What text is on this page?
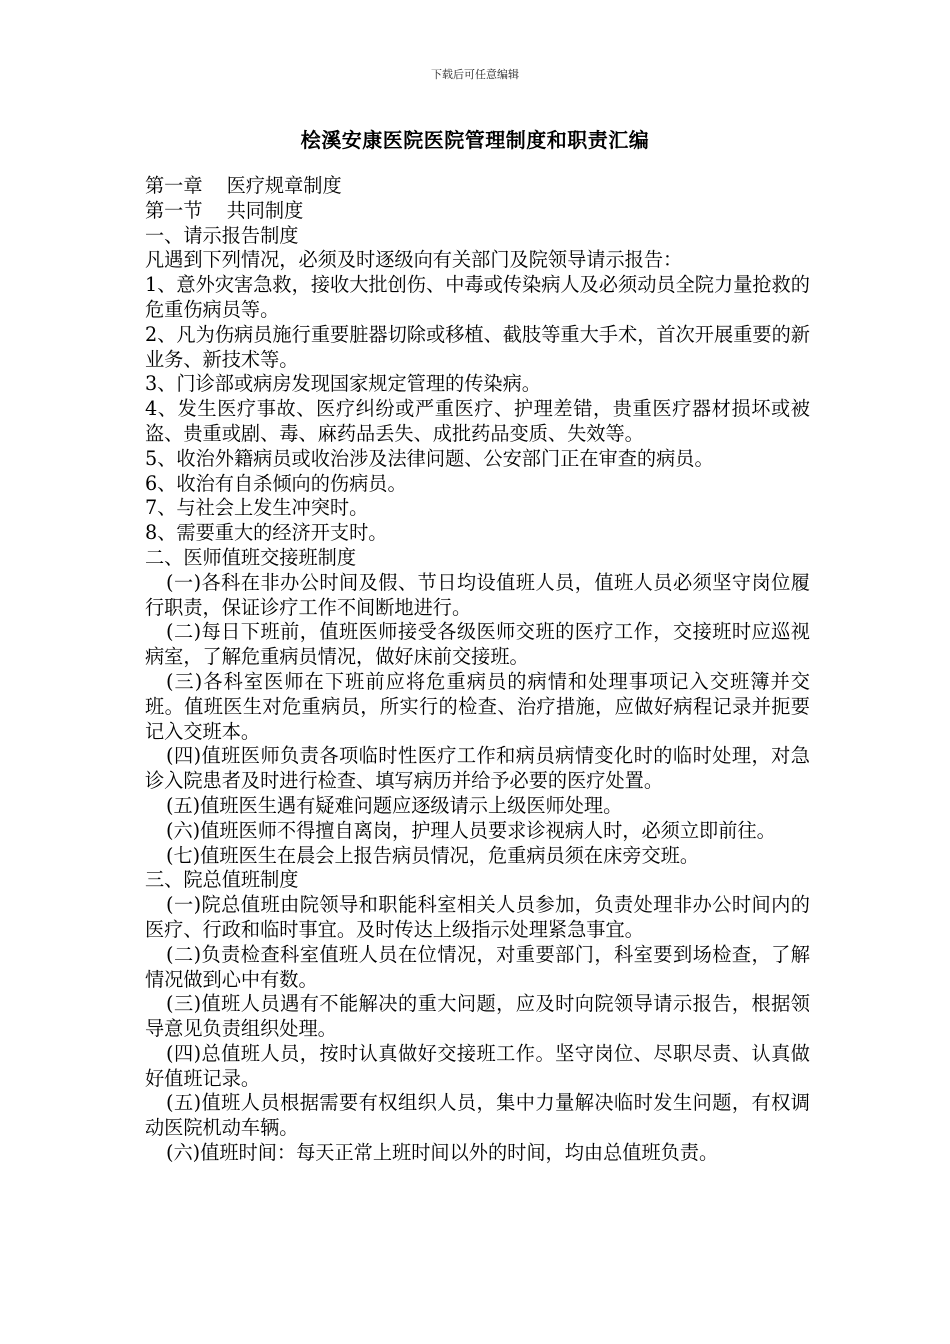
下载后可任意编辑
桧溪安康医院医院管理制度和职责汇编

第一章 医疗规章制度

第一节 共同制度

一、请示报告制度

凡遇到下列情况，必须及时逐级向有关部门及院领导请示报告：

1、意外灾害急救，接收大批创伤、中毒或传染病人及必须动员全院力量抢救的危重伤病员等。

2、凡为伤病员施行重要脏器切除或移植、截肢等重大手术，首次开展重要的新业务、新技术等。

3、门诊部或病房发现国家规定管理的传染病。

4、发生医疗事故、医疗纠纷或严重医疗、护理差错，贵重医疗器材损坏或被盗、贵重或剧、毒、麻药品丢失、成批药品变质、失效等。

5、收治外籍病员或收治涉及法律问题、公安部门正在审查的病员。

6、收治有自杀倾向的伤病员。

7、与社会上发生冲突时。

8、需要重大的经济开支时。

二、医师值班交接班制度

(一)各科在非办公时间及假、节日均设值班人员，值班人员必须坚守岗位履行职责，保证诊疗工作不间断地进行。

(二)每日下班前，值班医师接受各级医师交班的医疗工作，交接班时应巡视病室，了解危重病员情况，做好床前交接班。

(三)各科室医师在下班前应将危重病员的病情和处理事项记入交班簿并交班。值班医生对危重病员，所实行的检查、治疗措施，应做好病程记录并扼要记入交班本。

(四)值班医师负责各项临时性医疗工作和病员病情变化时的临时处理，对急诊入院患者及时进行检查、填写病历并给予必要的医疗处置。

(五)值班医生遇有疑难问题应逐级请示上级医师处理。

(六)值班医师不得擅自离岗，护理人员要求诊视病人时，必须立即前往。

(七)值班医生在晨会上报告病员情况，危重病员须在床旁交班。

三、院总值班制度

(一)院总值班由院领导和职能科室相关人员参加，负责处理非办公时间内的医疗、行政和临时事宜。及时传达上级指示处理紧急事宜。

(二)负责检查科室值班人员在位情况，对重要部门，科室要到场检查，了解情况做到心中有数。

(三)值班人员遇有不能解决的重大问题，应及时向院领导请示报告，根据领导意见负责组织处理。

(四)总值班人员，按时认真做好交接班工作。坚守岗位、尽职尽责、认真做好值班记录。

(五)值班人员根据需要有权组织人员，集中力量解决临时发生问题，有权调动医院机动车辆。

(六)值班时间：每天正常上班时间以外的时间，均由总值班负责。
